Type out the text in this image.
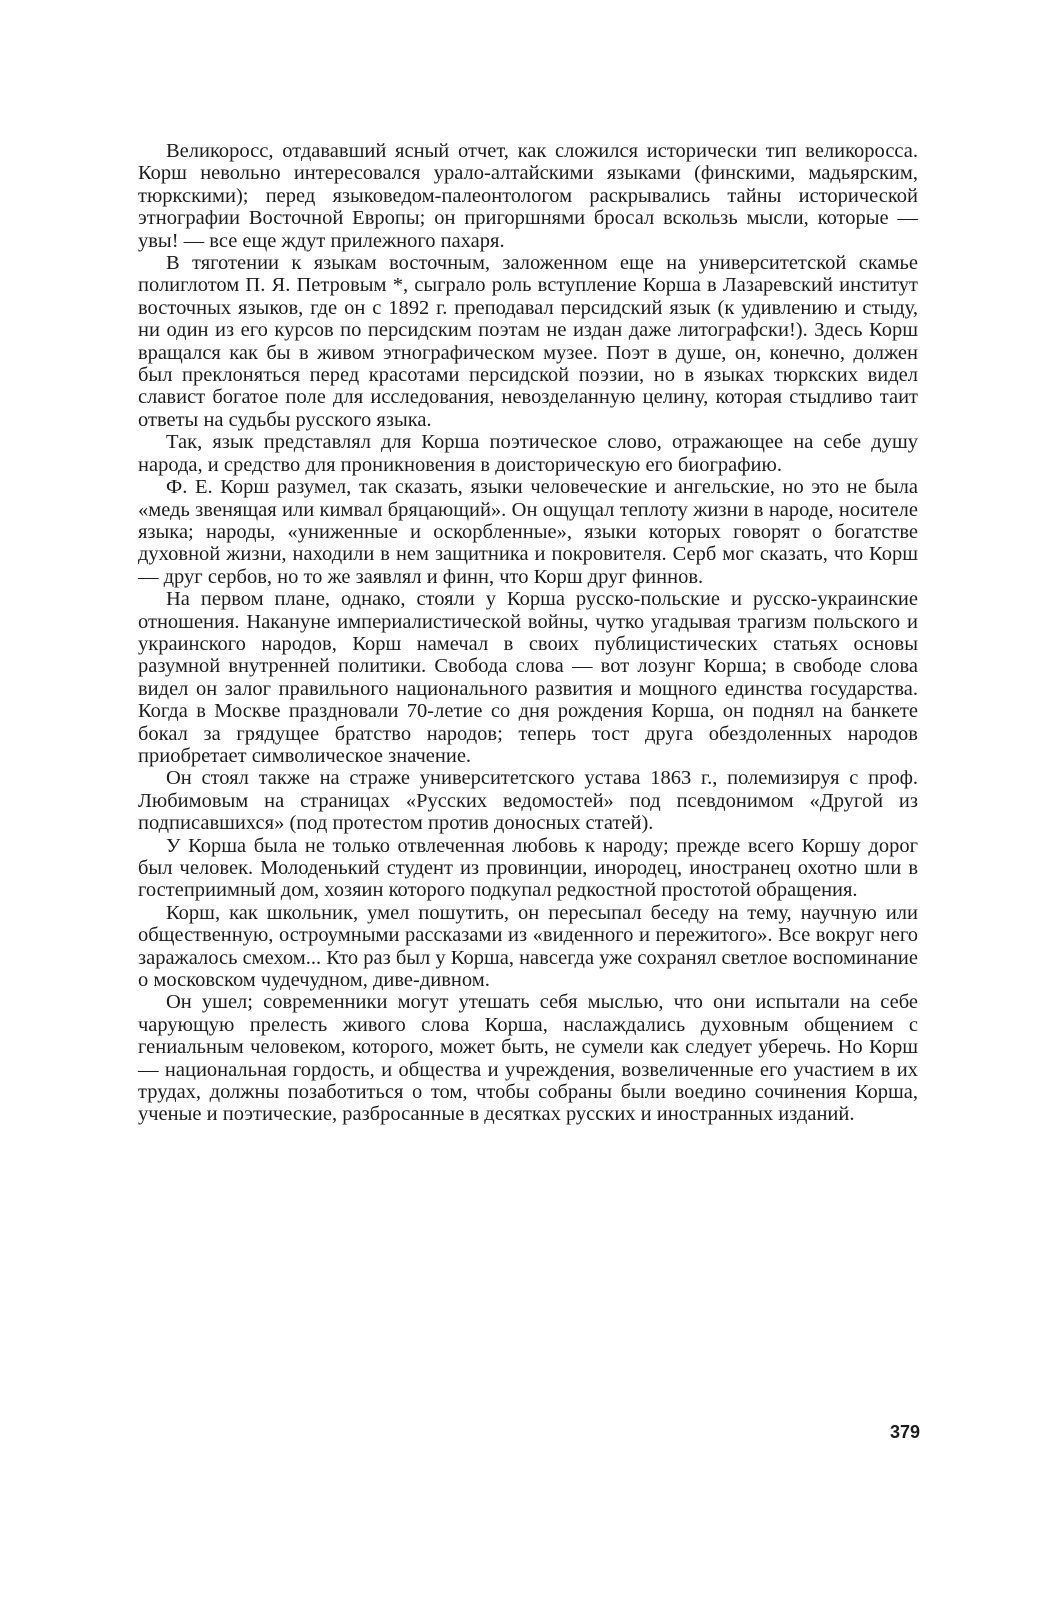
Великоросс, отдававший ясный отчет, как сложился исторически тип великоросса. Корш невольно интересовался урало-алтайскими языками (финскими, мадьярским, тюркскими); перед языковедом-палеонтологом раскрывались тайны исторической этнографии Восточной Европы; он пригоршнями бросал вскользь мысли, которые — увы! — все еще ждут прилежного пахаря.

В тяготении к языкам восточным, заложенном еще на университетской скамье полиглотом П. Я. Петровым *, сыграло роль вступление Корша в Лазаревский институт восточных языков, где он с 1892 г. преподавал персидский язык (к удивлению и стыду, ни один из его курсов по персидским поэтам не издан даже литографски!). Здесь Корш вращался как бы в живом этнографическом музее. Поэт в душе, он, конечно, должен был преклоняться перед красотами персидской поэзии, но в языках тюркских видел славист богатое поле для исследования, невозделанную целину, которая стыдливо таит ответы на судьбы русского языка.

Так, язык представлял для Корша поэтическое слово, отражающее на себе душу народа, и средство для проникновения в доисторическую его биографию.

Ф. Е. Корш разумел, так сказать, языки человеческие и ангельские, но это не была «медь звенящая или кимвал бряцающий». Он ощущал теплоту жизни в народе, носителе языка; народы, «униженные и оскорбленные», языки которых говорят о богатстве духовной жизни, находили в нем защитника и покровителя. Серб мог сказать, что Корш — друг сербов, но то же заявлял и финн, что Корш друг финнов.

На первом плане, однако, стояли у Корша русско-польские и русско-украинские отношения. Накануне империалистической войны, чутко угадывая трагизм польского и украинского народов, Корш намечал в своих публицистических статьях основы разумной внутренней политики. Свобода слова — вот лозунг Корша; в свободе слова видел он залог правильного национального развития и мощного единства государства. Когда в Москве праздновали 70-летие со дня рождения Корша, он поднял на банкете бокал за грядущее братство народов; теперь тост друга обездоленных народов приобретает символическое значение.

Он стоял также на страже университетского устава 1863 г., полемизируя с проф. Любимовым на страницах «Русских ведомостей» под псевдонимом «Другой из подписавшихся» (под протестом против доносных статей).

У Корша была не только отвлеченная любовь к народу; прежде всего Коршу дорог был человек. Молоденький студент из провинции, инородец, иностранец охотно шли в гостеприимный дом, хозяин которого подкупал редкостной простотой обращения.

Корш, как школьник, умел пошутить, он пересыпал беседу на тему, научную или общественную, остроумными рассказами из «виденного и пережитого». Все вокруг него заражалось смехом... Кто раз был у Корша, навсегда уже сохранял светлое воспоминание о московском чудечудном, диве-дивном.

Он ушел; современники могут утешать себя мыслью, что они испытали на себе чарующую прелесть живого слова Корша, наслаждались духовным общением с гениальным человеком, которого, может быть, не сумели как следует уберечь. Но Корш — национальная гордость, и общества и учреждения, возвеличенные его участием в их трудах, должны позаботиться о том, чтобы собраны были воедино сочинения Корша, ученые и поэтические, разбросанные в десятках русских и иностранных изданий.

379
